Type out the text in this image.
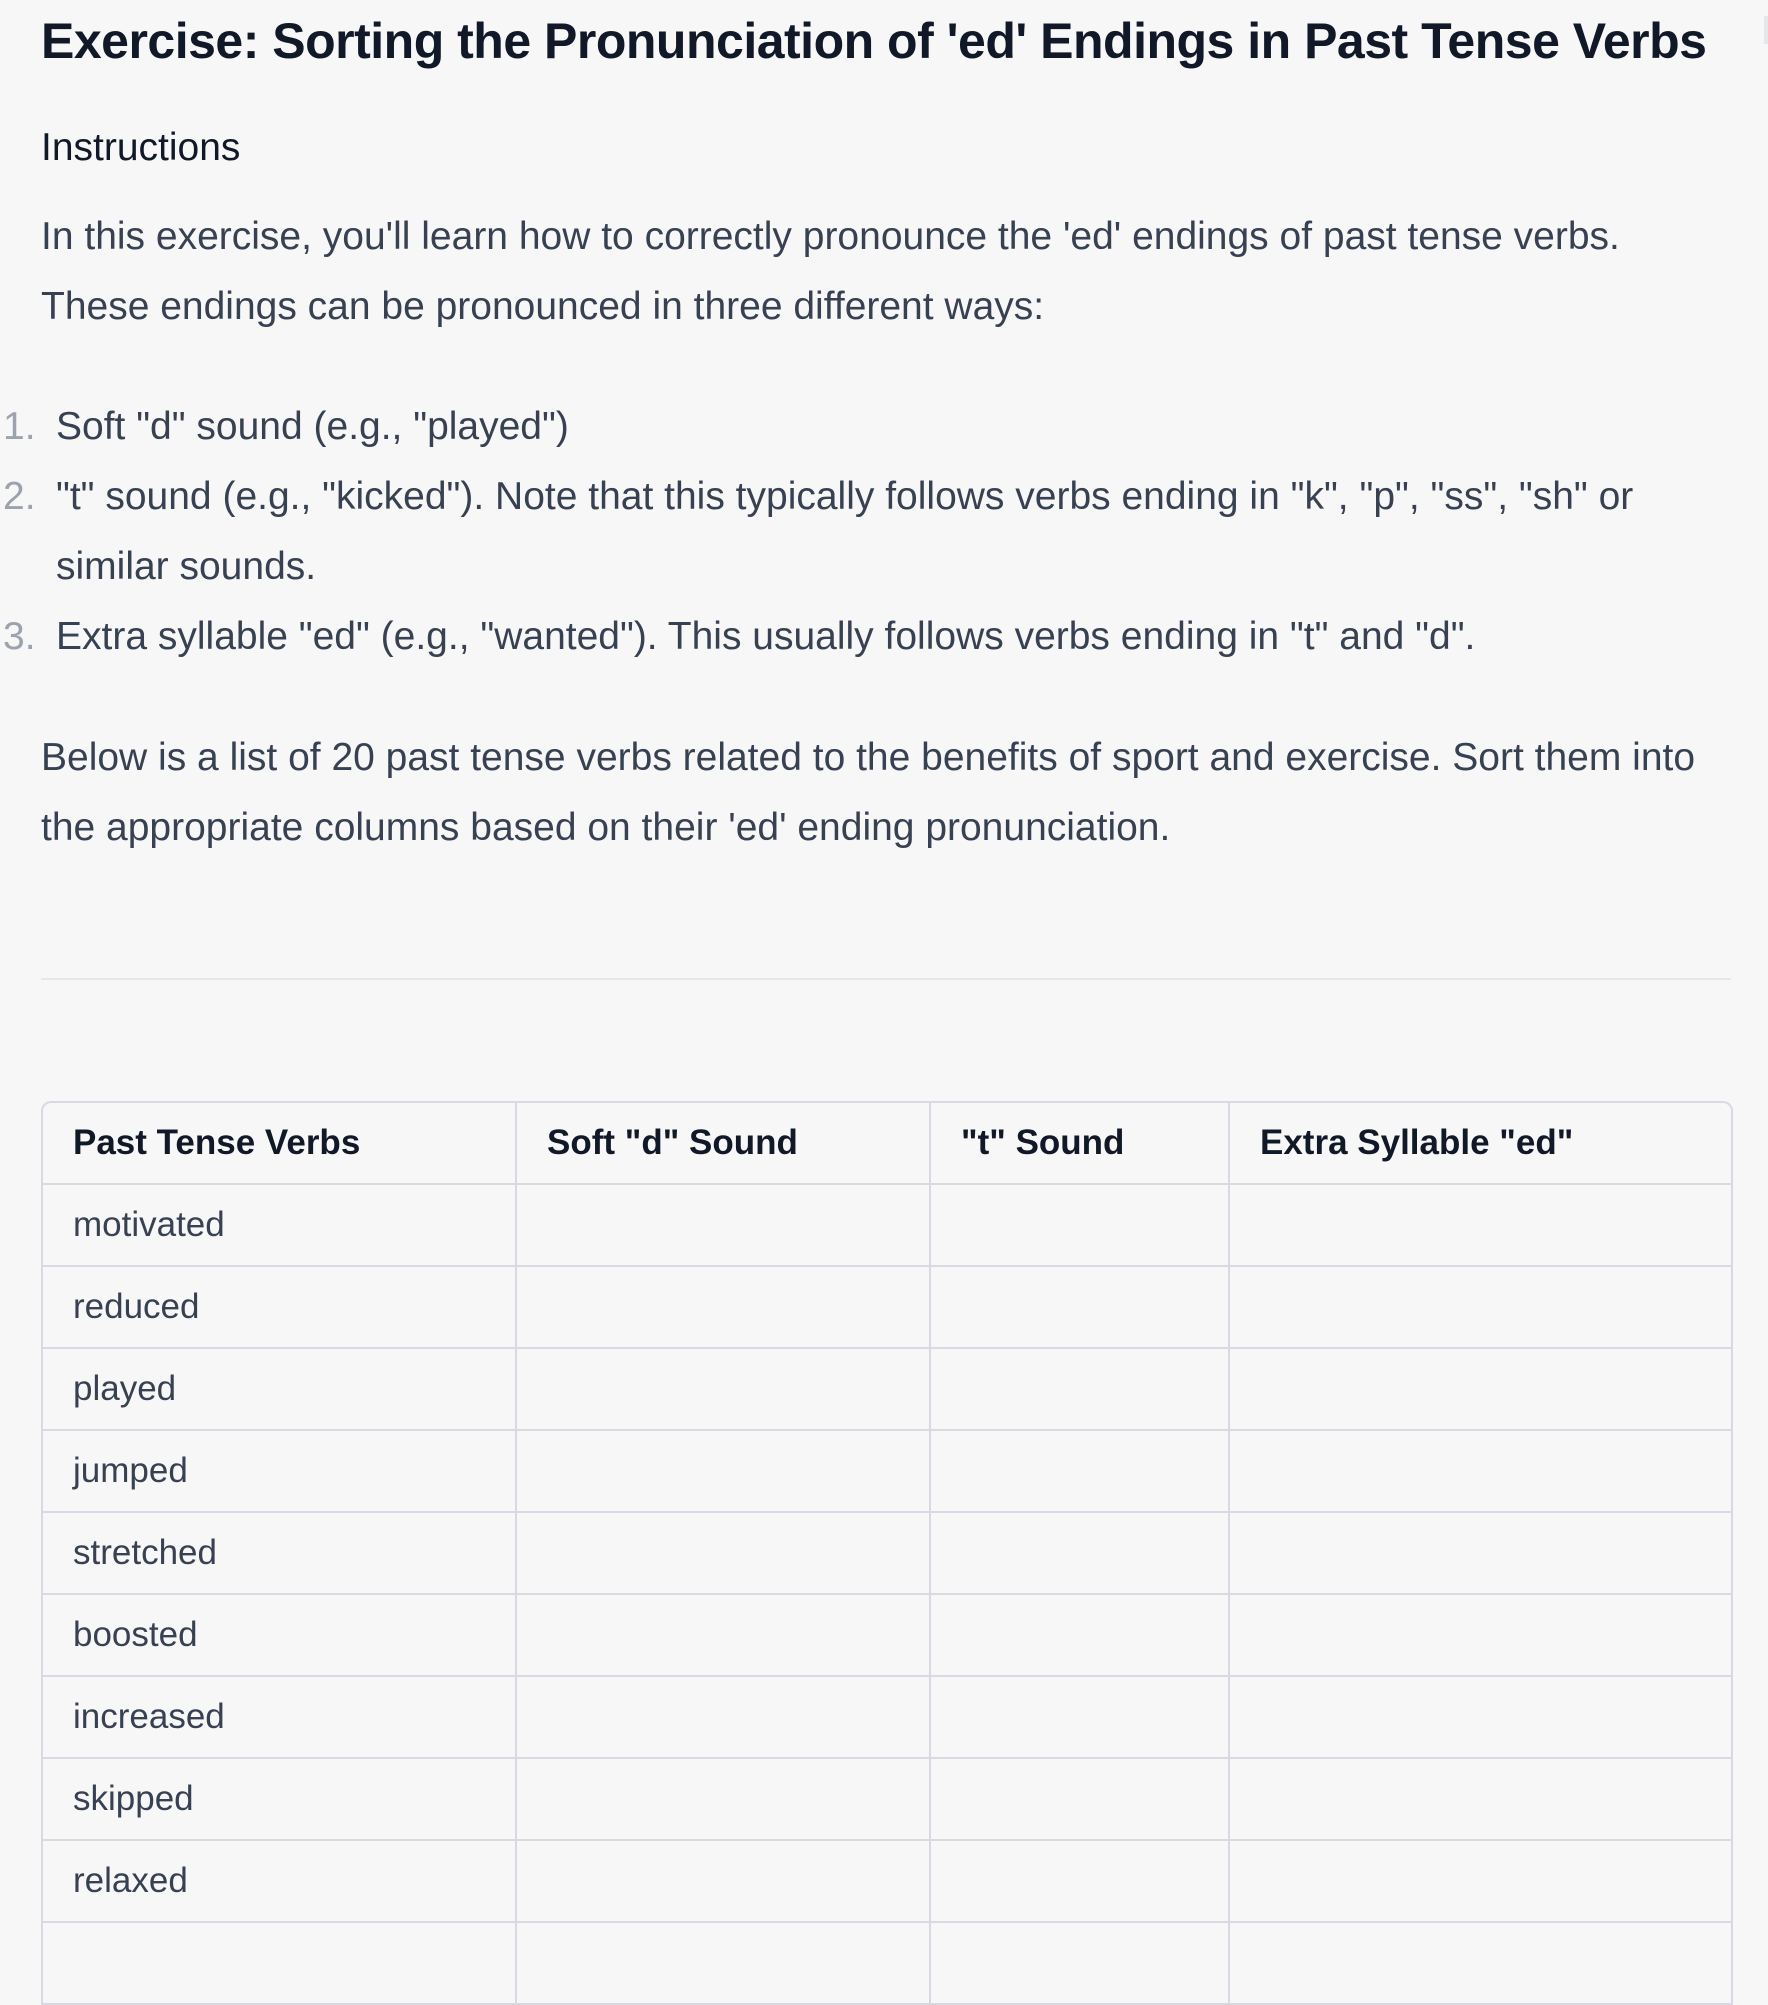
Exercise: Sorting the Pronunciation of 'ed' Endings in Past Tense Verbs
Instructions

In this exercise, you'll learn how to correctly pronounce the 'ed' endings of past tense verbs. These endings can be pronounced in three different ways:

1. Soft "d" sound (e.g., "played")
2. "t" sound (e.g., "kicked"). Note that this typically follows verbs ending in "k", "p", "ss", "sh" or similar sounds.
3. Extra syllable "ed" (e.g., "wanted"). This usually follows verbs ending in "t" and "d".

Below is a list of 20 past tense verbs related to the benefits of sport and exercise. Sort them into the appropriate columns based on their 'ed' ending pronunciation.

Past Tense Verbs	Soft "d" Sound	"t" Sound	Extra Syllable "ed"
motivated			
reduced			
played			
jumped			
stretched			
boosted			
increased			
skipped			
relaxed			
